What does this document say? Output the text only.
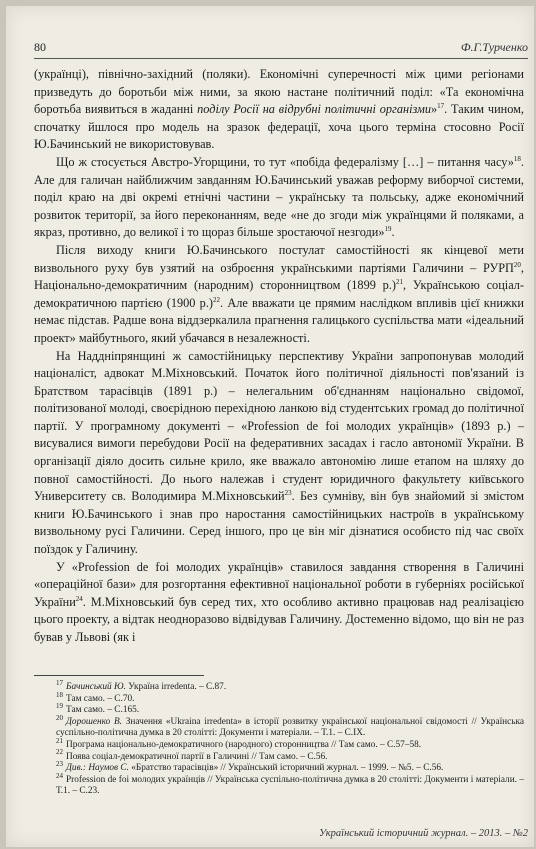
80	Ф.Г.Турченко

(українці), північно-західний (поляки). Економічні суперечності між цими регіонами призведуть до боротьби між ними, за якою настане політичний поділ: «Та економічна боротьба виявиться в жаданні поділу Росії на відрубні політичні організми»$^{17}$. Таким чином, спочатку йшлося про модель на зразок федерації, хоча цього терміна стосовно Росії Ю.Бачинський не використовував.

Що ж стосується Австро-Угорщини, то тут «побіда федералізму […] – питання часу»$^{18}$. Але для галичан найближчим завданням Ю.Бачинський уважав реформу виборчої системи, поділ краю на дві окремі етнічні частини – українську та польську, адже економічний розвиток території, за його переконанням, веде «не до згоди між українцями й поляками, а якраз, противно, до великої і то щораз більше зростаючої незгоди»$^{19}$.

Після виходу книги Ю.Бачинського постулат самостійності як кінцевої мети визвольного руху був узятий на озброєння українськими партіями Галичини – РУРП$^{20}$, Національно-демократичним (народним) сторонництвом (1899 р.)$^{21}$, Українською соціал-демократичною партією (1900 р.)$^{22}$. Але вважати це прямим наслідком впливів цієї книжки немає підстав. Радше вона віддзеркалила прагнення галицького суспільства мати «ідеальний проект» майбутнього, який убачався в незалежності.

На Наддніпрянщині ж самостійницьку перспективу України запропонував молодий націоналіст, адвокат М.Міхновський. Початок його політичної діяльності пов'язаний із Братством тарасівців (1891 р.) – нелегальним об'єднанням національно свідомої, політизованої молоді, своєрідною перехідною ланкою від студентських громад до політичної партії. У програмному документі – «Profession de foi молодих українців» (1893 р.) – висувалися вимоги перебудови Росії на федеративних засадах і гасло автономії України. В організації діяло досить сильне крило, яке вважало автономію лише етапом на шляху до повної самостійності. До нього належав і студент юридичного факультету київського Университету св. Володимира М.Міхновський$^{23}$. Без сумніву, він був знайомий зі змістом книги Ю.Бачинського і знав про наростання самостійницьких настроїв в українському визвольному русі Галичини. Серед іншого, про це він міг дізнатися особисто під час своїх поїздок у Галичину.

У «Profession de foi молодих українців» ставилося завдання створення в Галичині «операційної бази» для розгортання ефективної національної роботи в губерніях російської України$^{24}$. М.Міхновський був серед тих, хто особливо активно працював над реалізацією цього проекту, а відтак неодноразово відвідував Галичину. Достеменно відомо, що він не раз бував у Львові (як і

17 Бачинський Ю. Україна irredenta. – С.87.

18 Там само. – С.70.

19 Там само. – С.165.

20 Дорошенко В. Значення «Ukraina irredenta» в історії розвитку української національної свідомості // Українська суспільно-політична думка в 20 столітті: Документи і матеріали. – Т.1. – С.IX.

21 Програма національно-демократичного (народного) сторонництва // Там само. – С.57–58.

22 Поява соціал-демократичної партії в Галичині // Там само. – С.56.

23 Див.: Наумов С. «Братство тарасівців» // Український історичний журнал. – 1999. – №5. – С.56.

24 Profession de foi молодих українців // Українська суспільно-політична думка в 20 столітті: Документи і матеріали. – Т.1. – С.23.

Український історичний журнал. – 2013. – №2
